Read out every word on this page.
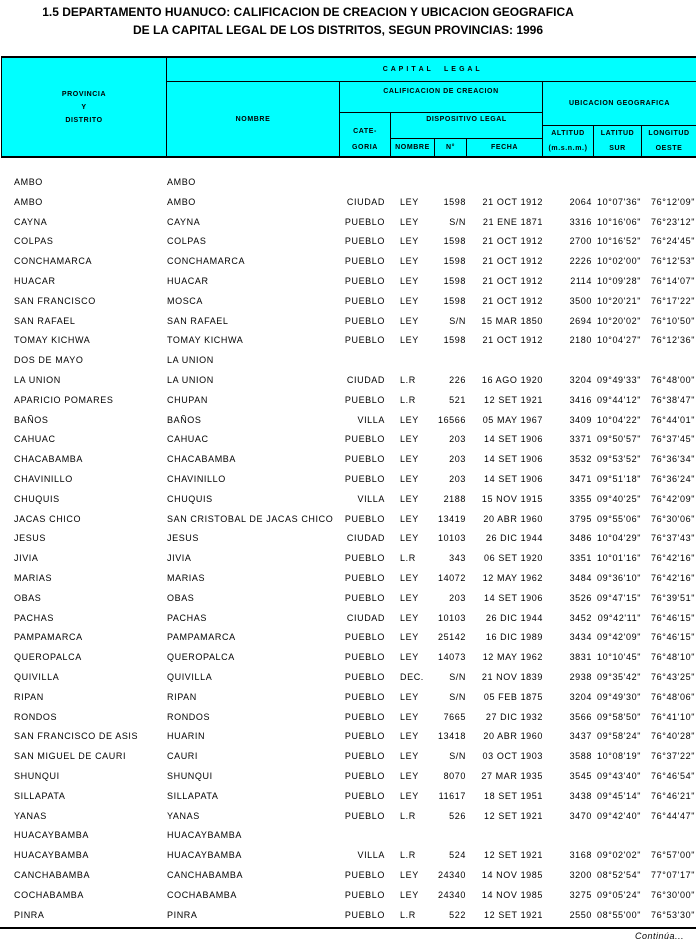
1.5 DEPARTAMENTO HUANUCO: CALIFICACION DE CREACION Y UBICACION GEOGRAFICA
DE LA CAPITAL LEGAL DE LOS DISTRITOS, SEGUN PROVINCIAS: 1996
PROVINCIA
Y
DISTRITO
C A P I T A L     L E G A L
NOMBRE
CALIFICACION DE CREACION
UBICACION GEOGRAFICA
CATE-
GORIA
DISPOSITIVO LEGAL
NOMBRE	N°	FECHA
ALTITUD
(m.s.n.m.)
LATITUD
SUR
LONGITUD
OESTE
AMBO	AMBO
AMBO	AMBO	CIUDAD LEY	1598 21 OCT 1912	2064 10°07'36" 76°12'09"
CAYNA	CAYNA	PUEBLO LEY	S/N 21 ENE 1871	3316 10°16'06" 76°23'12"
COLPAS	COLPAS	PUEBLO LEY	1598 21 OCT 1912	2700 10°16'52" 76°24'45"
CONCHAMARCA	CONCHAMARCA	PUEBLO LEY	1598 21 OCT 1912	2226 10°02'00" 76°12'53"
HUACAR	HUACAR	PUEBLO LEY	1598 21 OCT 1912	2114 10°09'28" 76°14'07"
SAN FRANCISCO	MOSCA	PUEBLO LEY	1598 21 OCT 1912	3500 10°20'21" 76°17'22"
SAN RAFAEL	SAN RAFAEL	PUEBLO LEY	S/N 15 MAR 1850	2694 10°20'02" 76°10'50"
TOMAY KICHWA	TOMAY KICHWA	PUEBLO LEY	1598 21 OCT 1912	2180 10°04'27" 76°12'36"
DOS DE MAYO	LA UNION
LA UNION	LA UNION	CIUDAD L.R	226 16 AGO 1920	3204 09°49'33" 76°48'00"
APARICIO POMARES	CHUPAN	PUEBLO L.R	521 12 SET 1921	3416 09°44'12" 76°38'47"
BAÑOS	BAÑOS	VILLA LEY 16566 05 MAY 1967	3409 10°04'22" 76°44'01"
CAHUAC	CAHUAC	PUEBLO LEY	203 14 SET 1906	3371 09°50'57" 76°37'45"
CHACABAMBA	CHACABAMBA	PUEBLO LEY	203 14 SET 1906	3532 09°53'52" 76°36'34"
CHAVINILLO	CHAVINILLO	PUEBLO LEY	203 14 SET 1906	3471 09°51'18" 76°36'24"
CHUQUIS	CHUQUIS	VILLA LEY	2188 15 NOV 1915	3355 09°40'25" 76°42'09"
JACAS CHICO	SAN CRISTOBAL DE JACAS CHICO PUEBLO LEY 13419 20 ABR 1960	3795 09°55'06" 76°30'06"
JESUS	JESUS	CIUDAD LEY 10103 26 DIC 1944	3486 10°04'29" 76°37'43"
JIVIA	JIVIA	PUEBLO L.R	343 06 SET 1920	3351 10°01'16" 76°42'16"
MARIAS	MARIAS	PUEBLO LEY 14072 12 MAY 1962	3484 09°36'10" 76°42'16"
OBAS	OBAS	PUEBLO LEY	203 14 SET 1906	3526 09°47'15" 76°39'51"
PACHAS	PACHAS	CIUDAD LEY 10103 26 DIC 1944	3452 09°42'11" 76°46'15"
PAMPAMARCA	PAMPAMARCA	PUEBLO LEY 25142 16 DIC 1989	3434 09°42'09" 76°46'15"
QUEROPALCA	QUEROPALCA	PUEBLO LEY 14073 12 MAY 1962	3831 10°10'45" 76°48'10"
QUIVILLA	QUIVILLA	PUEBLO DEC.	S/N 21 NOV 1839	2938 09°35'42" 76°43'25"
RIPAN	RIPAN	PUEBLO LEY	S/N 05 FEB 1875	3204 09°49'30" 76°48'06"
RONDOS	RONDOS	PUEBLO LEY	7665 27 DIC 1932	3566 09°58'50" 76°41'10"
SAN FRANCISCO DE ASIS	HUARIN	PUEBLO LEY 13418 20 ABR 1960	3437 09°58'24" 76°40'28"
SAN MIGUEL DE CAURI	CAURI	PUEBLO LEY	S/N 03 OCT 1903	3588 10°08'19" 76°37'22"
SHUNQUI	SHUNQUI	PUEBLO LEY	8070 27 MAR 1935	3545 09°43'40" 76°46'54"
SILLAPATA	SILLAPATA	PUEBLO LEY 11617 18 SET 1951	3438 09°45'14" 76°46'21"
YANAS	YANAS	PUEBLO L.R	526 12 SET 1921	3470 09°42'40" 76°44'47"
HUACAYBAMBA	HUACAYBAMBA
HUACAYBAMBA	HUACAYBAMBA	VILLA L.R	524 12 SET 1921	3168 09°02'02" 76°57'00"
CANCHABAMBA	CANCHABAMBA	PUEBLO LEY 24340 14 NOV 1985	3200 08°52'54" 77°07'17"
COCHABAMBA	COCHABAMBA	PUEBLO LEY 24340 14 NOV 1985	3275 09°05'24" 76°30'00"
PINRA	PINRA	PUEBLO L.R	522 12 SET 1921	2550 08°55'00" 76°53'30"
Continúa...
